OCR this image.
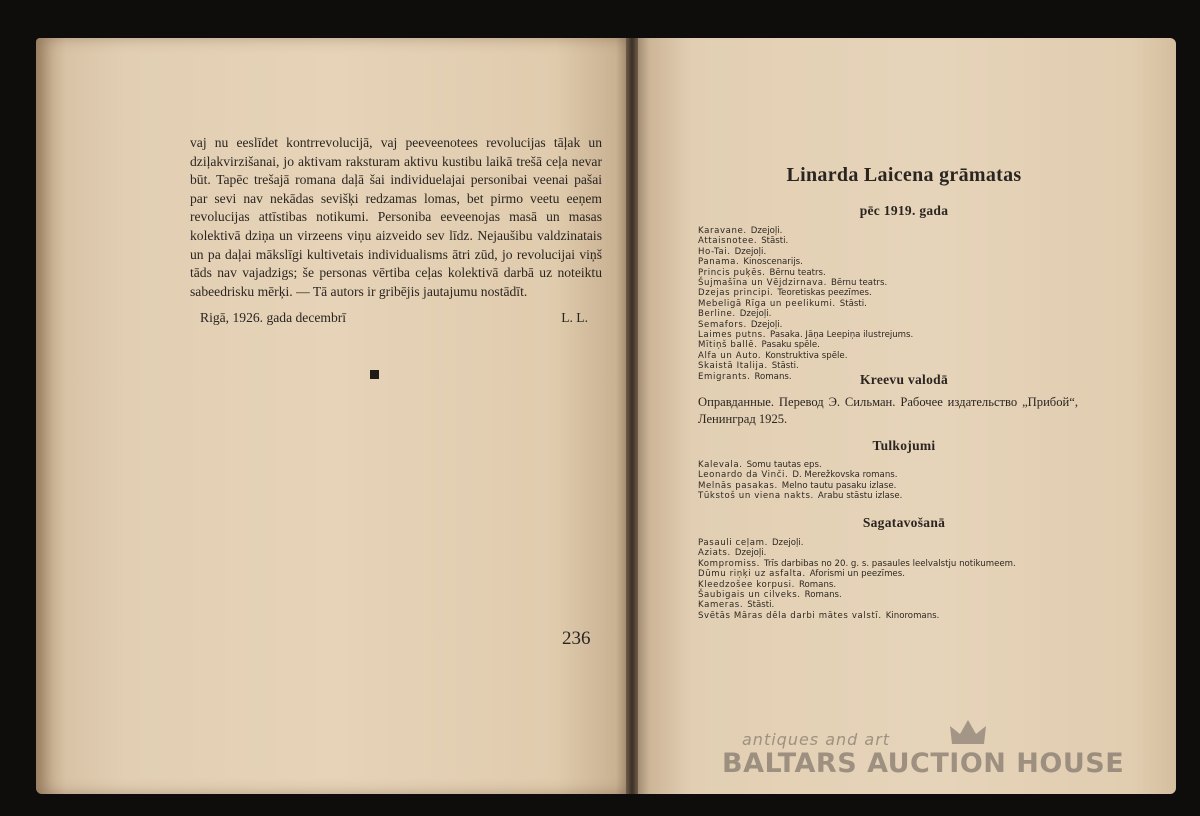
vaj nu eeslīdet kontrrevolucijā, vaj peeveenotees revolucijas tāļak un dziļakvirzišanai, jo aktivam raksturam aktivu kustibu laikā trešā ceļa nevar būt. Tapēc trešajā romana daļā šai individuelajai personibai veenai pašai par sevi nav nekādas sevišķi redzamas lomas, bet pirmo veetu eeņem revolucijas attīstibas notikumi. Personiba eeveenojas masā un masas kolektivā dziņa un virzeens viņu aizveido sev līdz. Nejaušibu valdzinatais un pa daļai mākslīgi kultivetais individualisms ātri zūd, jo revolucijai viņš tāds nav vajadzigs; še personas vērtiba ceļas kolektivā darbā uz noteiktu sabeedrisku mērķi. — Tā autors ir gribējis jautajumu nostādīt.

Rigā, 1926. gada decembrī	L. L.
236
Linarda Laicena grāmatas
pēc 1919. gada
Karavane. Dzejoļi.
Attaisnotee. Stāsti.
Ho-Tai. Dzejoļi.
Panama. Kinoscenarijs.
Princis puķēs. Bērnu teatrs.
Šujmašīna un Vējdzirnava. Bērnu teatrs.
Dzejas principi. Teoretiskas peezīmes.
Mebeligā Rīga un peelikumi. Stāsti.
Berline. Dzejoļi.
Semafors. Dzejoļi.
Laimes putns. Pasaka. Jāņa Leepiņa ilustrejums.
Mītiņš ballē. Pasaku spēle.
Alfa un Auto. Konstruktiva spēle.
Skaistā Italija. Stāsti.
Emigrants. Romans.	Kreevu valodā
Оправданные. Перевод Э. Сильман. Рабочее издательство „Прибой“, Ленинград 1925.
Tulkojumi
Kalevala. Somu tautas eps.
Leonardo da Vinči. D. Merežkovska romans.
Melnās pasakas. Melno tautu pasaku izlase.
Tūkstoš un viena nakts. Arabu stāstu izlase.
Sagatavošanā
Pasauli ceļam. Dzejoļi.
Aziats. Dzejoļi.
Kompromiss. Trīs darbibas no 20. g. s. pasaules leelvalstju notikumeem.
Dūmu riņķi uz asfalta. Aforismi un peezīmes.
Kleedzošee korpusi. Romans.
Šaubigais un cilveks. Romans.
Kameras. Stāsti.
Svētās Māras dēla darbi mātes valstī. Kinoromans.
antiques and art
BALTARS AUCTION HOUSE
